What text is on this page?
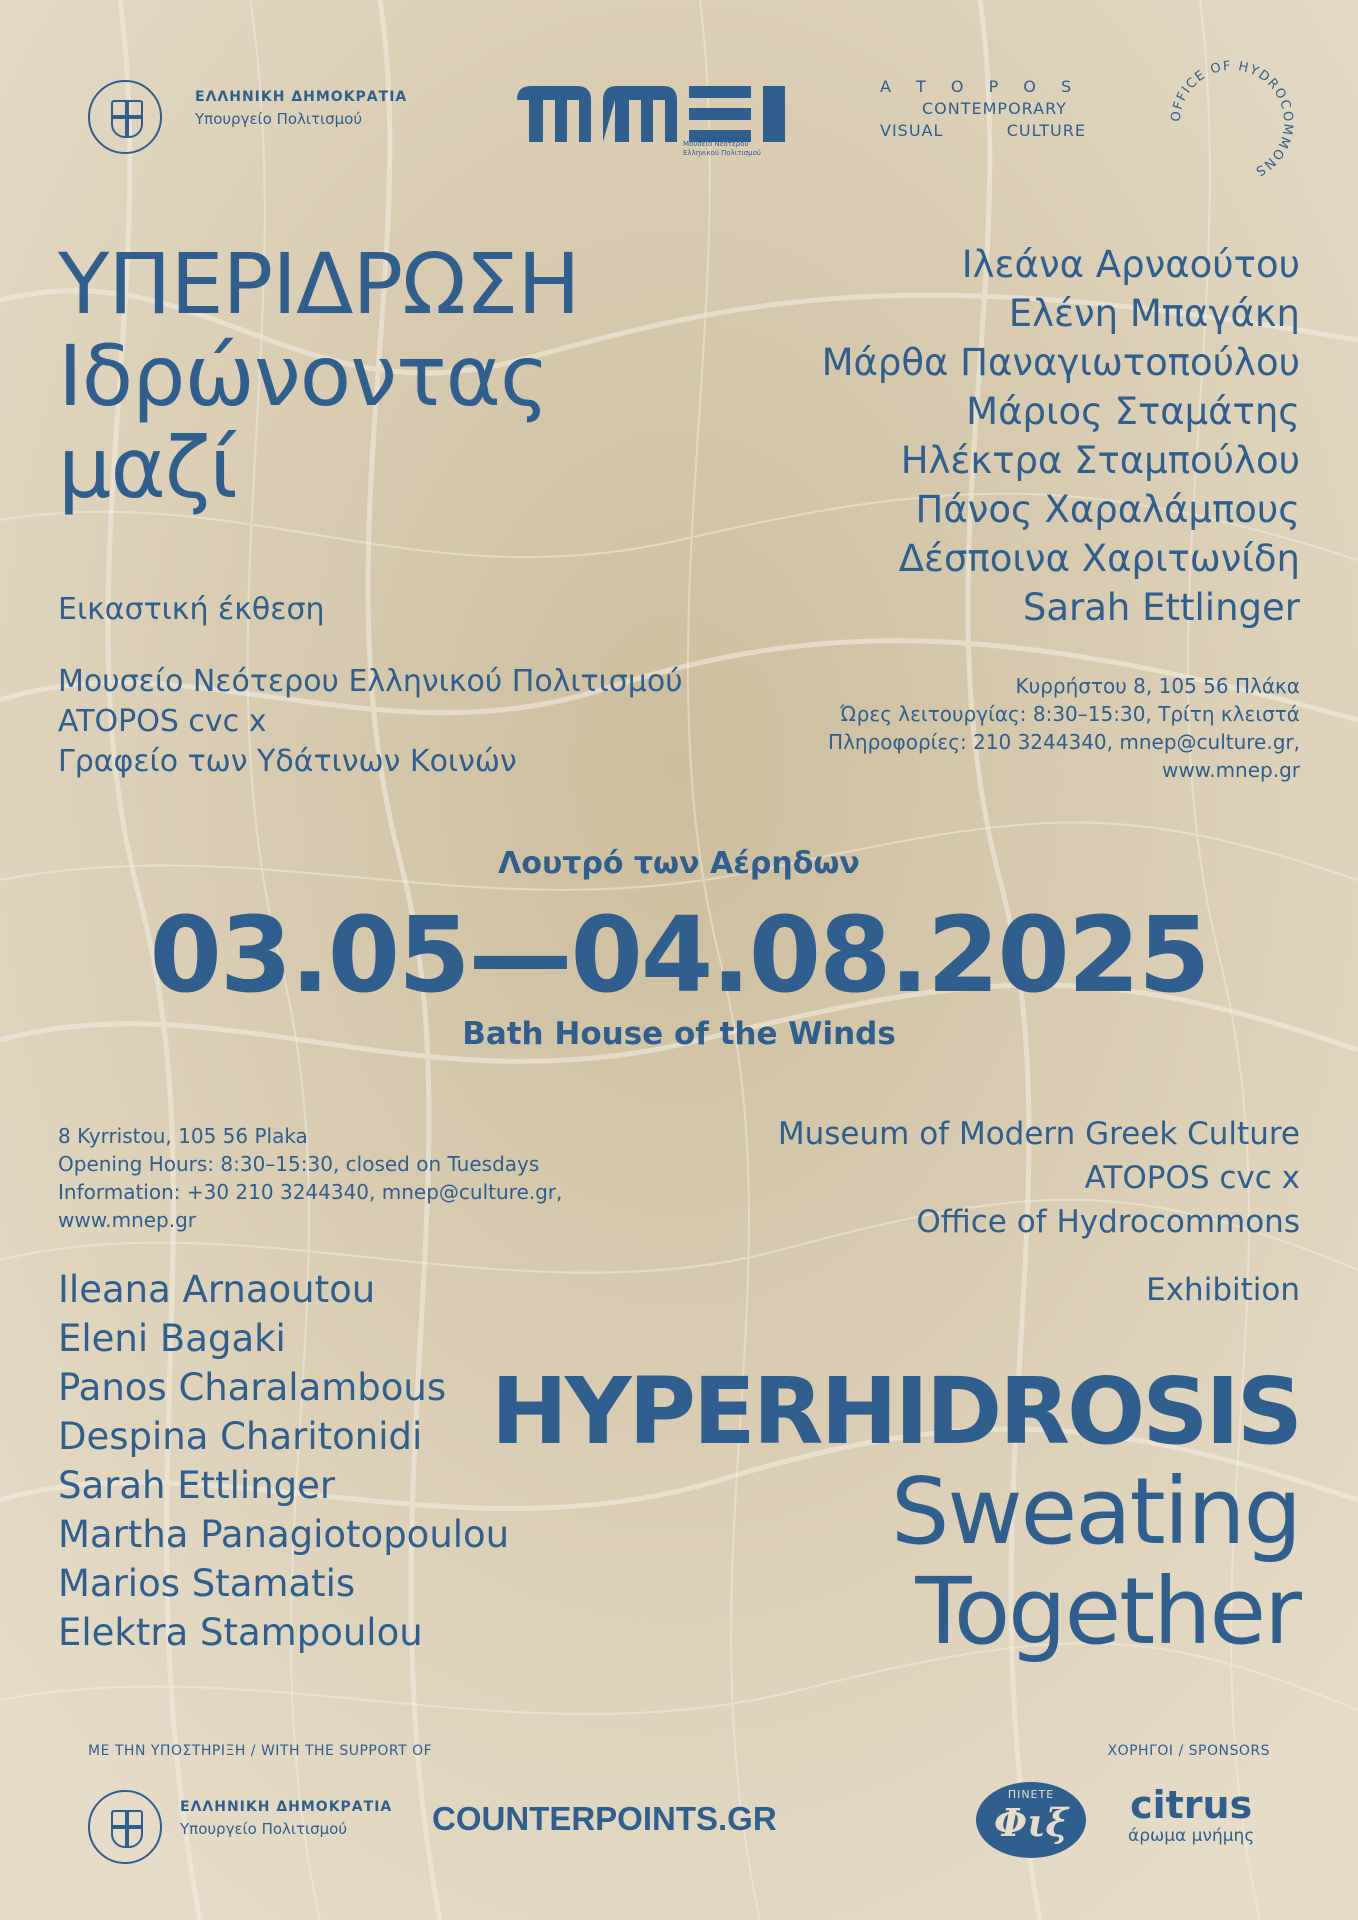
ΕΛΛΗΝΙΚΗ ΔΗΜΟΚΡΑΤΙΑ
Υπουργείο Πολιτισμού
Μουσείο Νεότερου
Ελληνικού Πολιτισμού
A T O P O S
CONTEMPORARY
VISUAL	CULTURE
OFFICE OF HYDROCOMMONS
ΥΠΕΡΙΔΡΩΣΗ
Ιδρώνοντας
μαζί
Ιλεάνα Αρναούτου
Ελένη Μπαγάκη
Μάρθα Παναγιωτοπούλου
Μάριος Σταμάτης
Ηλέκτρα Σταμπούλου
Πάνος Χαραλάμπους
Δέσποινα Χαριτωνίδη
Sarah Ettlinger
Εικαστική έκθεση
Μουσείο Νεότερου Ελληνικού Πολιτισμού
ATOPOS cvc x
Γραφείο των Υδάτινων Κοινών
Κυρρήστου 8, 105 56 Πλάκα
Ώρες λειτουργίας: 8:30–15:30, Τρίτη κλειστά
Πληροφορίες: 210 3244340, mnep@culture.gr,
www.mnep.gr
Λουτρό των Αέρηδων
03.05—04.08.2025
Bath House of the Winds
8 Kyrristou, 105 56 Plaka
Opening Hours: 8:30–15:30, closed on Tuesdays
Information: +30 210 3244340, mnep@culture.gr,
www.mnep.gr
Museum of Modern Greek Culture
ATOPOS cvc x
Office of Hydrocommons
Exhibition
Ileana Arnaoutou
Eleni Bagaki
Panos Charalambous
Despina Charitonidi
Sarah Ettlinger
Martha Panagiotopoulou
Marios Stamatis
Elektra Stampoulou
HYPERHIDROSIS
Sweating
Together
ΜΕ ΤΗΝ ΥΠΟΣΤΗΡΙΞΗ / WITH THE SUPPORT OF	ΧΟΡΗΓΟΙ / SPONSORS
ΕΛΛΗΝΙΚΗ ΔΗΜΟΚΡΑΤΙΑ
Υπουργείο Πολιτισμού	COUNTERPOINTS.GR
ΠΙΝΕΤΕ
Φιξ	citrus
άρωμα μνήμης
